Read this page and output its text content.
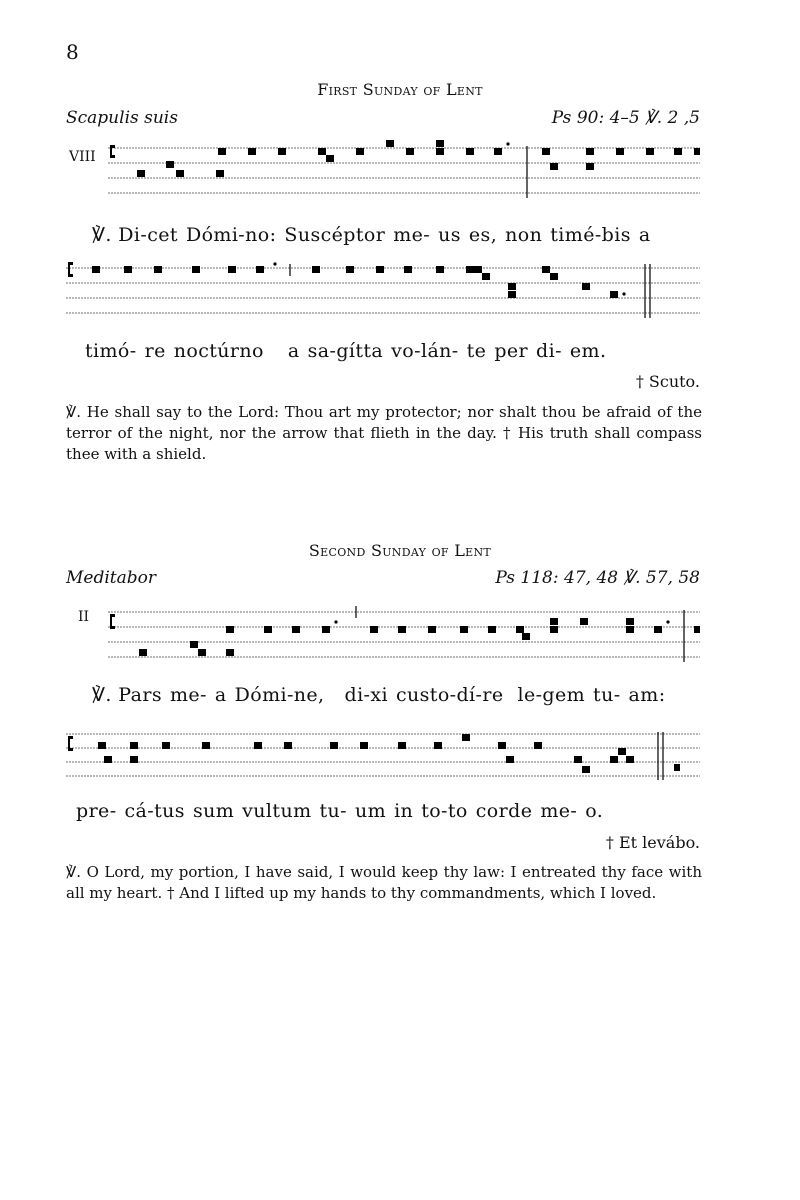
8
First Sunday of Lent
Scapulis suis	Ps 90: 4–5 ℣. 2 ,5
VIII
℣. Di-cet Dómi-no: Suscéptor me- us es, non timé-bis a
timó- re noctúrno a sa-gítta vo-lán- te per di- em.
† Scuto.
℣. He shall say to the Lord: Thou art my protector; nor shalt thou be afraid of the terror of the night, nor the arrow that flieth in the day. † His truth shall compass thee with a shield.
Second Sunday of Lent
Meditabor	Ps 118: 47, 48 ℣. 57, 58
II
℣. Pars me- a Dómi-ne, di-xi custo-dí-re le-gem tu- am:
pre- cá-tus sum vultum tu- um in to-to corde me- o.
† Et levábo.
℣. O Lord, my portion, I have said, I would keep thy law: I entreated thy face with all my heart. † And I lifted up my hands to thy commandments, which I loved.
